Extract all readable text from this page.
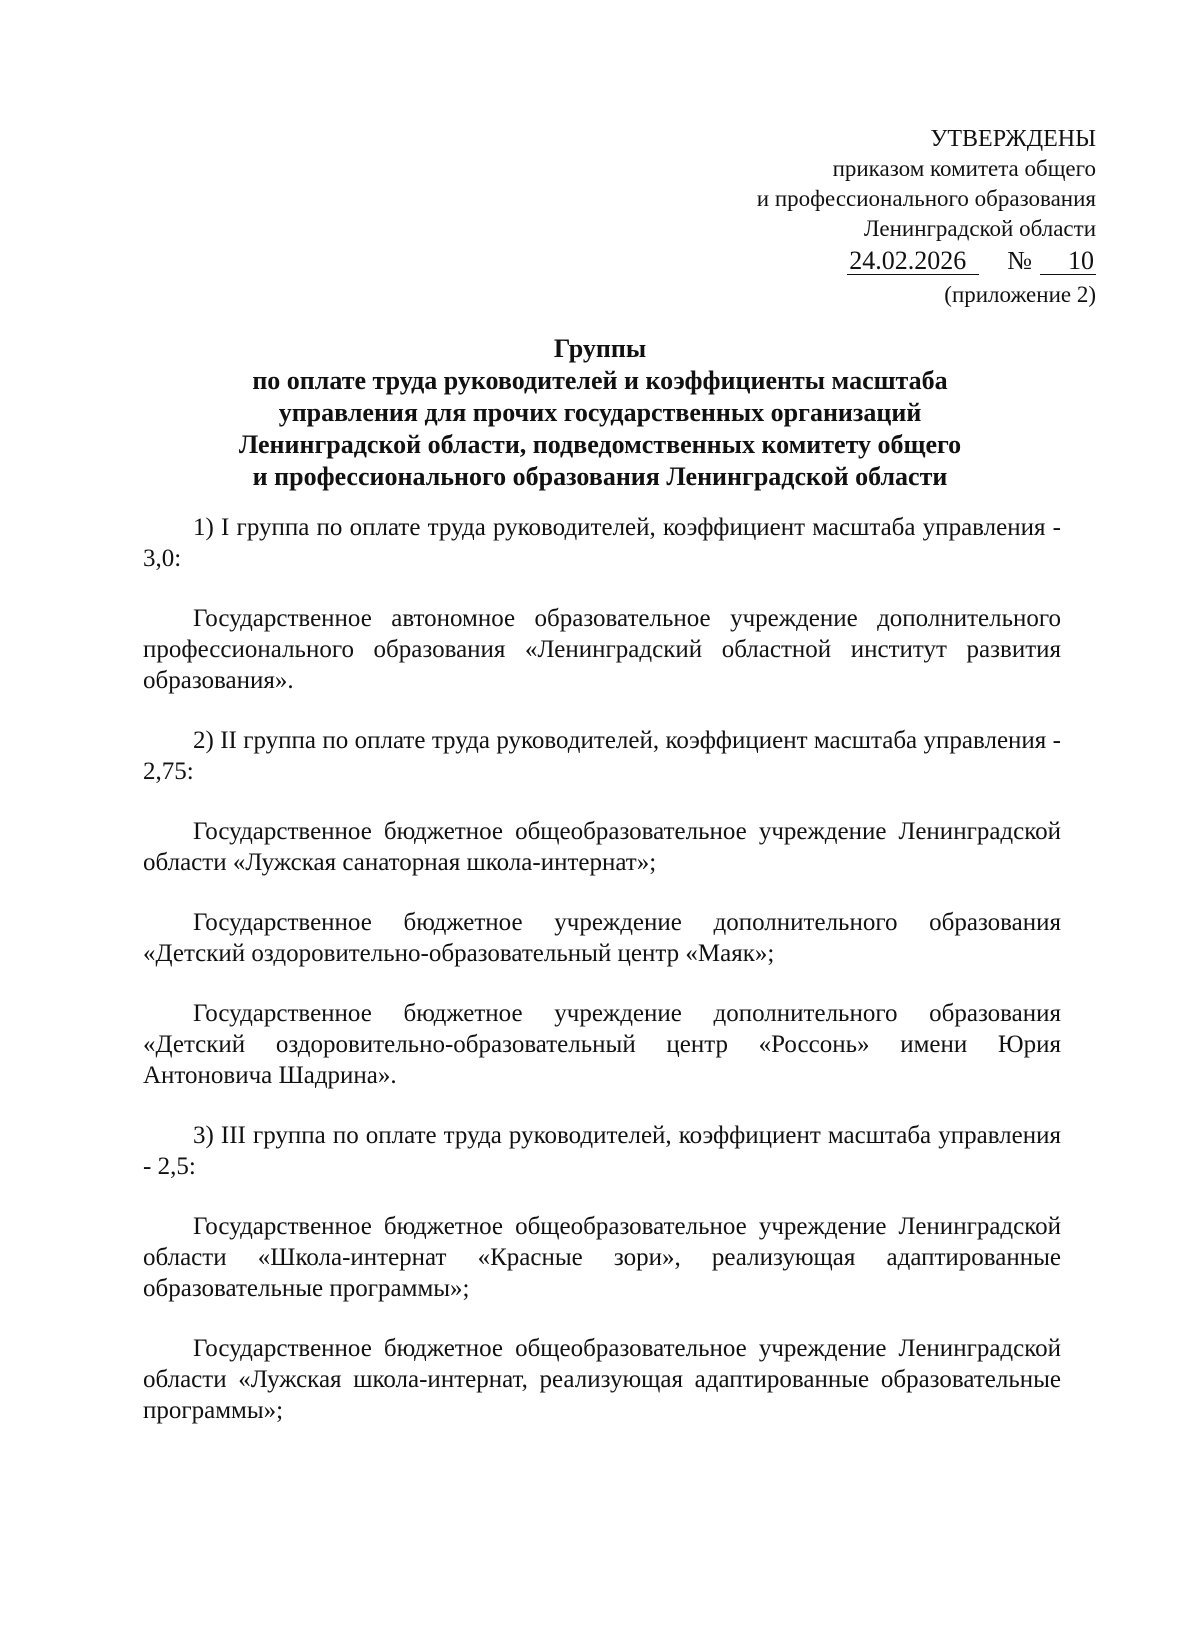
УТВЕРЖДЕНЫ
приказом комитета общего
и профессионального образования
Ленинградской области
24.02.2026 № 10
(приложение 2)
Группы
по оплате труда руководителей и коэффициенты масштаба
управления для прочих государственных организаций
Ленинградской области, подведомственных комитету общего
и профессионального образования Ленинградской области

1) I группа по оплате труда руководителей, коэффициент масштаба управления - 3,0:

Государственное автономное образовательное учреждение дополнительного профессионального образования «Ленинградский областной институт развития образования».

2) II группа по оплате труда руководителей, коэффициент масштаба управления - 2,75:

Государственное бюджетное общеобразовательное учреждение Ленинградской области «Лужская санаторная школа-интернат»;

Государственное бюджетное учреждение дополнительного образования «Детский оздоровительно-образовательный центр «Маяк»;

Государственное бюджетное учреждение дополнительного образования «Детский оздоровительно-образовательный центр «Россонь» имени Юрия Антоновича Шадрина».

3) III группа по оплате труда руководителей, коэффициент масштаба управления - 2,5:

Государственное бюджетное общеобразовательное учреждение Ленинградской области «Школа-интернат «Красные зори», реализующая адаптированные образовательные программы»;

Государственное бюджетное общеобразовательное учреждение Ленинградской области «Лужская школа-интернат, реализующая адаптированные образовательные программы»;
